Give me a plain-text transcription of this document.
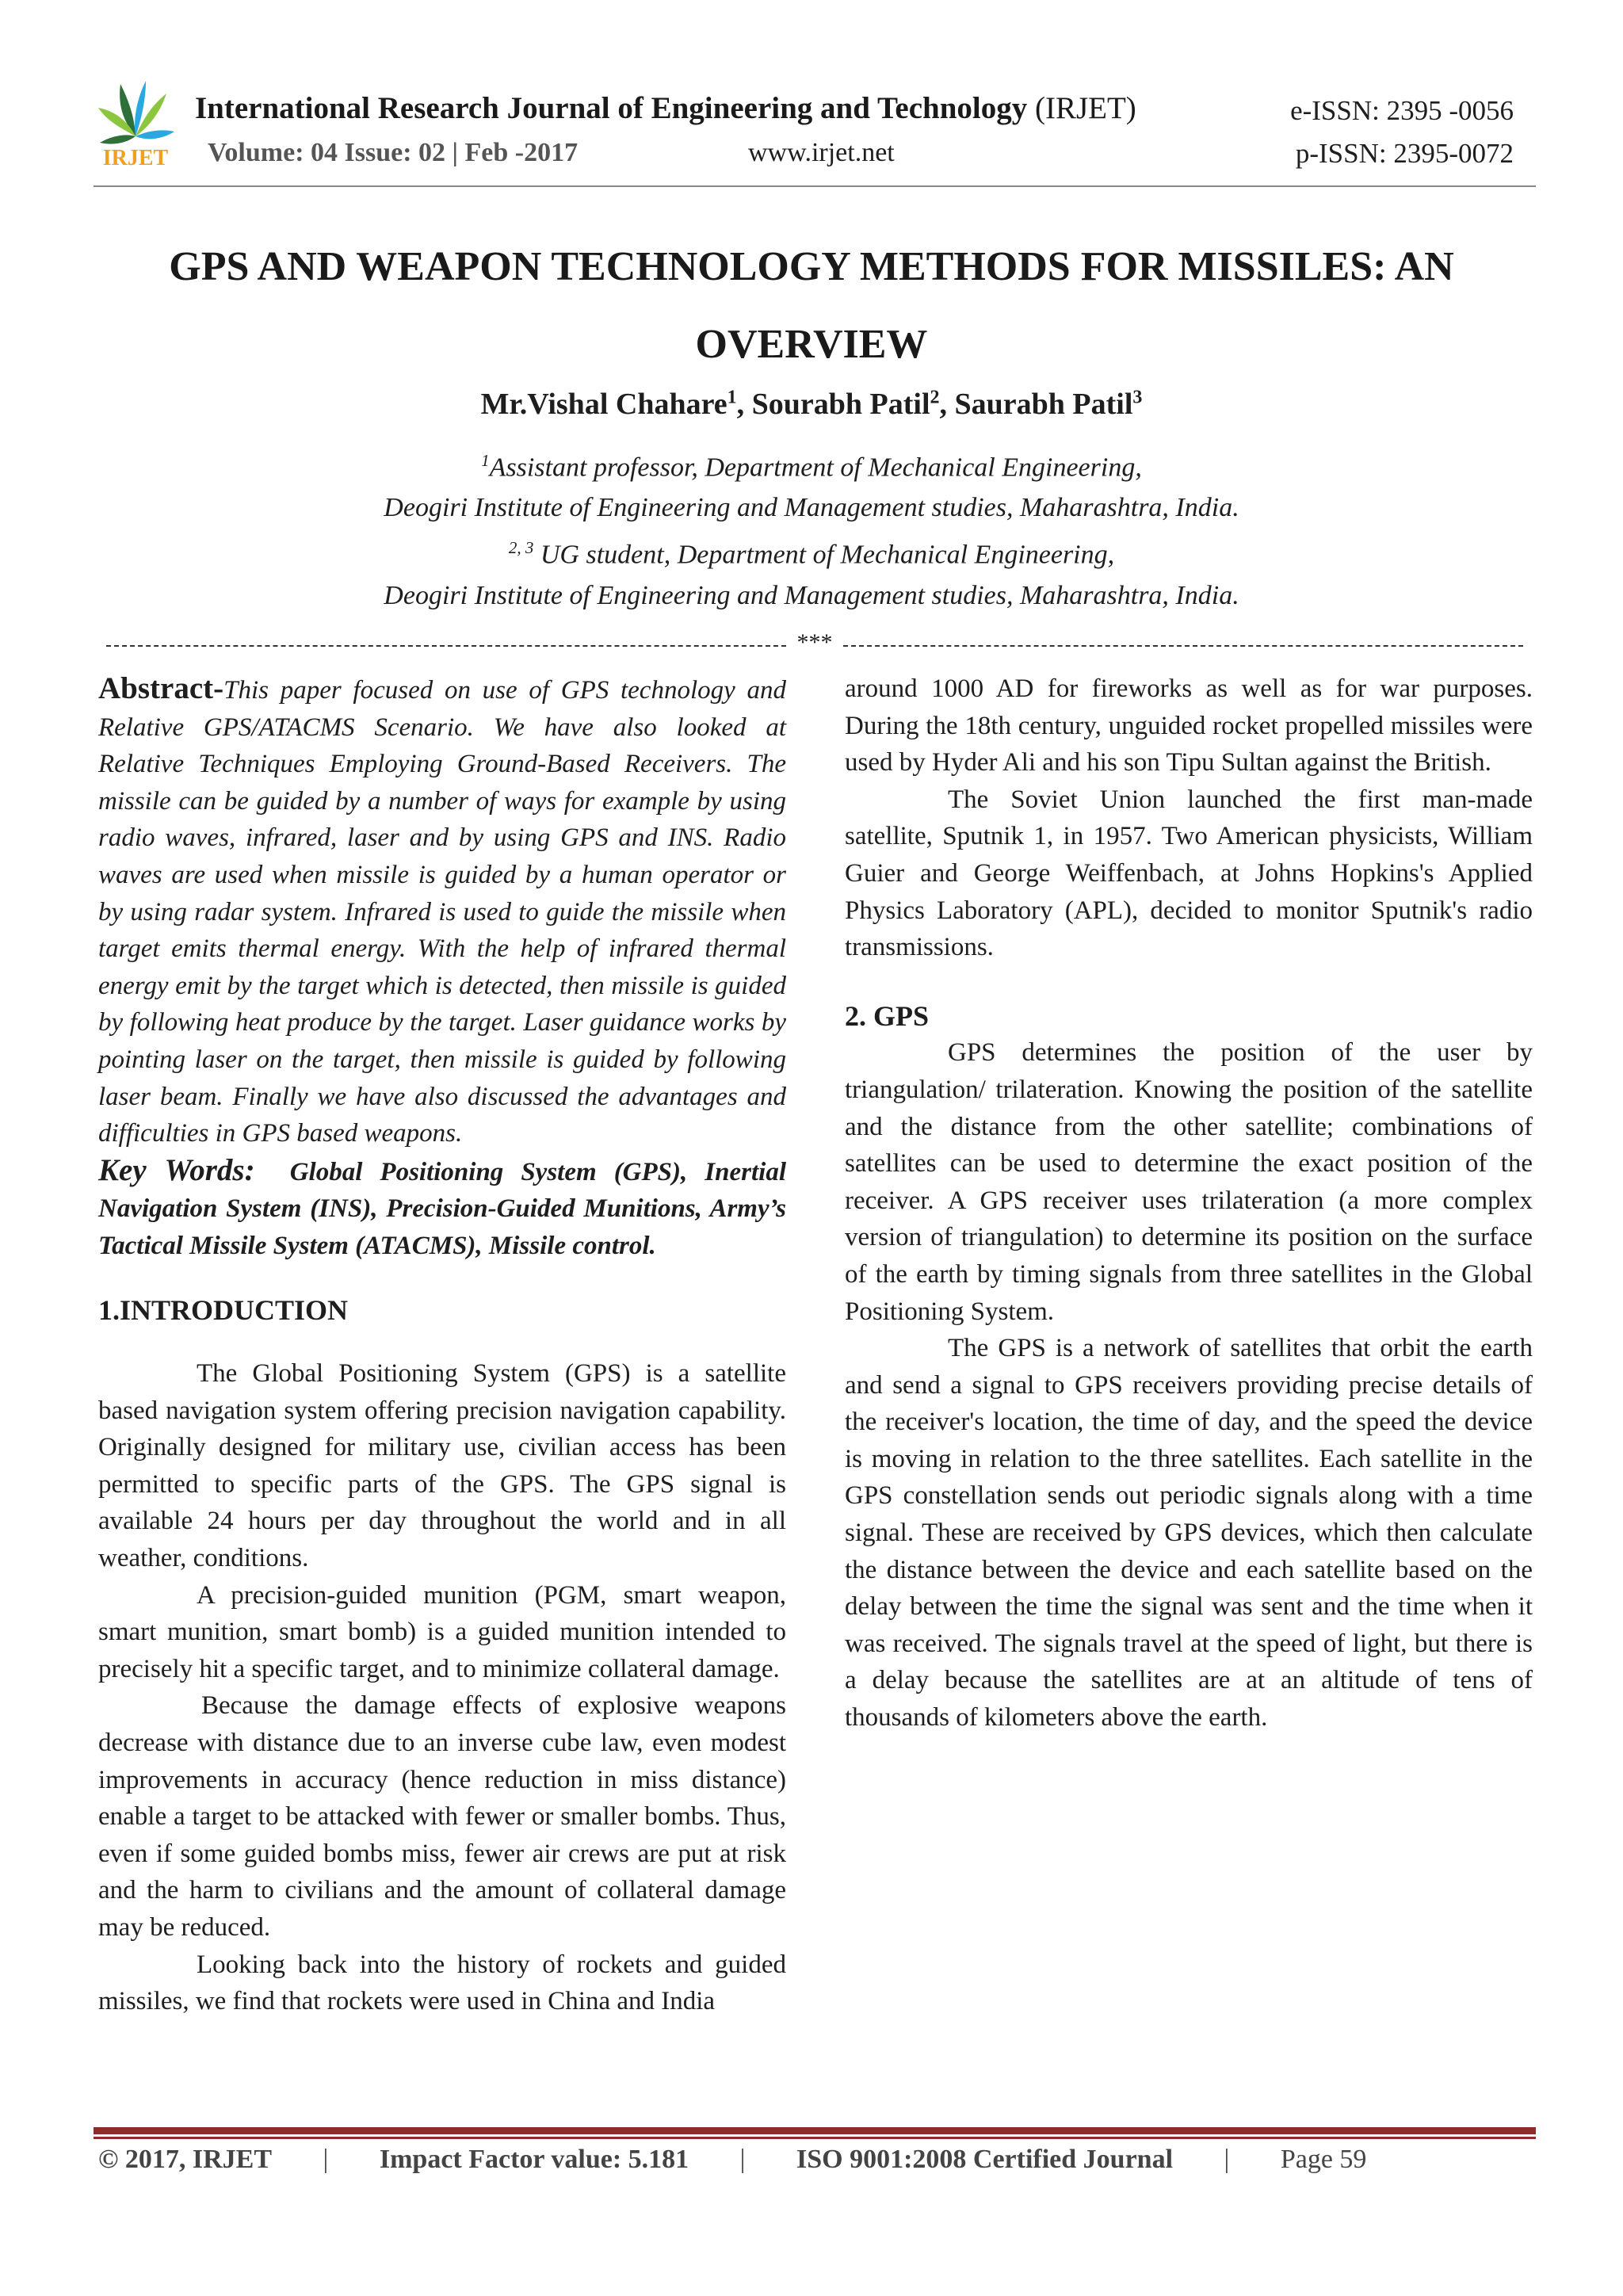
IRJET
International Research Journal of Engineering and Technology (IRJET)	e-ISSN: 2395 -0056
Volume: 04 Issue: 02 | Feb -2017	www.irjet.net	p-ISSN: 2395-0072
GPS AND WEAPON TECHNOLOGY METHODS FOR MISSILES: AN
OVERVIEW
Mr.Vishal Chahare$^1$, Sourabh Patil$^2$, Saurabh Patil$^3$
$^1$Assistant professor, Department of Mechanical Engineering,
Deogiri Institute of Engineering and Management studies, Maharashtra, India.
$^{2, 3}$ UG student, Department of Mechanical Engineering,
Deogiri Institute of Engineering and Management studies, Maharashtra, India.
***

Abstract-This paper focused on use of GPS technology and Relative GPS/ATACMS Scenario. We have also looked at Relative Techniques Employing Ground-Based Receivers. The missile can be guided by a number of ways for example by using radio waves, infrared, laser and by using GPS and INS. Radio waves are used when missile is guided by a human operator or by using radar system. Infrared is used to guide the missile when target emits thermal energy. With the help of infrared thermal energy emit by the target which is detected, then missile is guided by following heat produce by the target. Laser guidance works by pointing laser on the target, then missile is guided by following laser beam. Finally we have also discussed the advantages and difficulties in GPS based weapons.

Key Words: Global Positioning System (GPS), Inertial Navigation System (INS), Precision-Guided Munitions, Army’s Tactical Missile System (ATACMS), Missile control.

1.INTRODUCTION

The Global Positioning System (GPS) is a satellite based navigation system offering precision navigation capability. Originally designed for military use, civilian access has been permitted to specific parts of the GPS. The GPS signal is available 24 hours per day throughout the world and in all weather, conditions.

A precision-guided munition (PGM, smart weapon, smart munition, smart bomb) is a guided munition intended to precisely hit a specific target, and to minimize collateral damage.

Because the damage effects of explosive weapons decrease with distance due to an inverse cube law, even modest improvements in accuracy (hence reduction in miss distance) enable a target to be attacked with fewer or smaller bombs. Thus, even if some guided bombs miss, fewer air crews are put at risk and the harm to civilians and the amount of collateral damage may be reduced.

Looking back into the history of rockets and guided missiles, we find that rockets were used in China and India

around 1000 AD for fireworks as well as for war purposes. During the 18th century, unguided rocket propelled missiles were used by Hyder Ali and his son Tipu Sultan against the British.

The Soviet Union launched the first man-made satellite, Sputnik 1, in 1957. Two American physicists, William Guier and George Weiffenbach, at Johns Hopkins's Applied Physics Laboratory (APL), decided to monitor Sputnik's radio transmissions.

2. GPS

GPS determines the position of the user by triangulation/ trilateration. Knowing the position of the satellite and the distance from the other satellite; combinations of satellites can be used to determine the exact position of the receiver. A GPS receiver uses trilateration (a more complex version of triangulation) to determine its position on the surface of the earth by timing signals from three satellites in the Global Positioning System.

The GPS is a network of satellites that orbit the earth and send a signal to GPS receivers providing precise details of the receiver's location, the time of day, and the speed the device is moving in relation to the three satellites. Each satellite in the GPS constellation sends out periodic signals along with a time signal. These are received by GPS devices, which then calculate the distance between the device and each satellite based on the delay between the time the signal was sent and the time when it was received. The signals travel at the speed of light, but there is a delay because the satellites are at an altitude of tens of thousands of kilometers above the earth.

© 2017, IRJET | Impact Factor value: 5.181 | ISO 9001:2008 Certified Journal | Page 59
